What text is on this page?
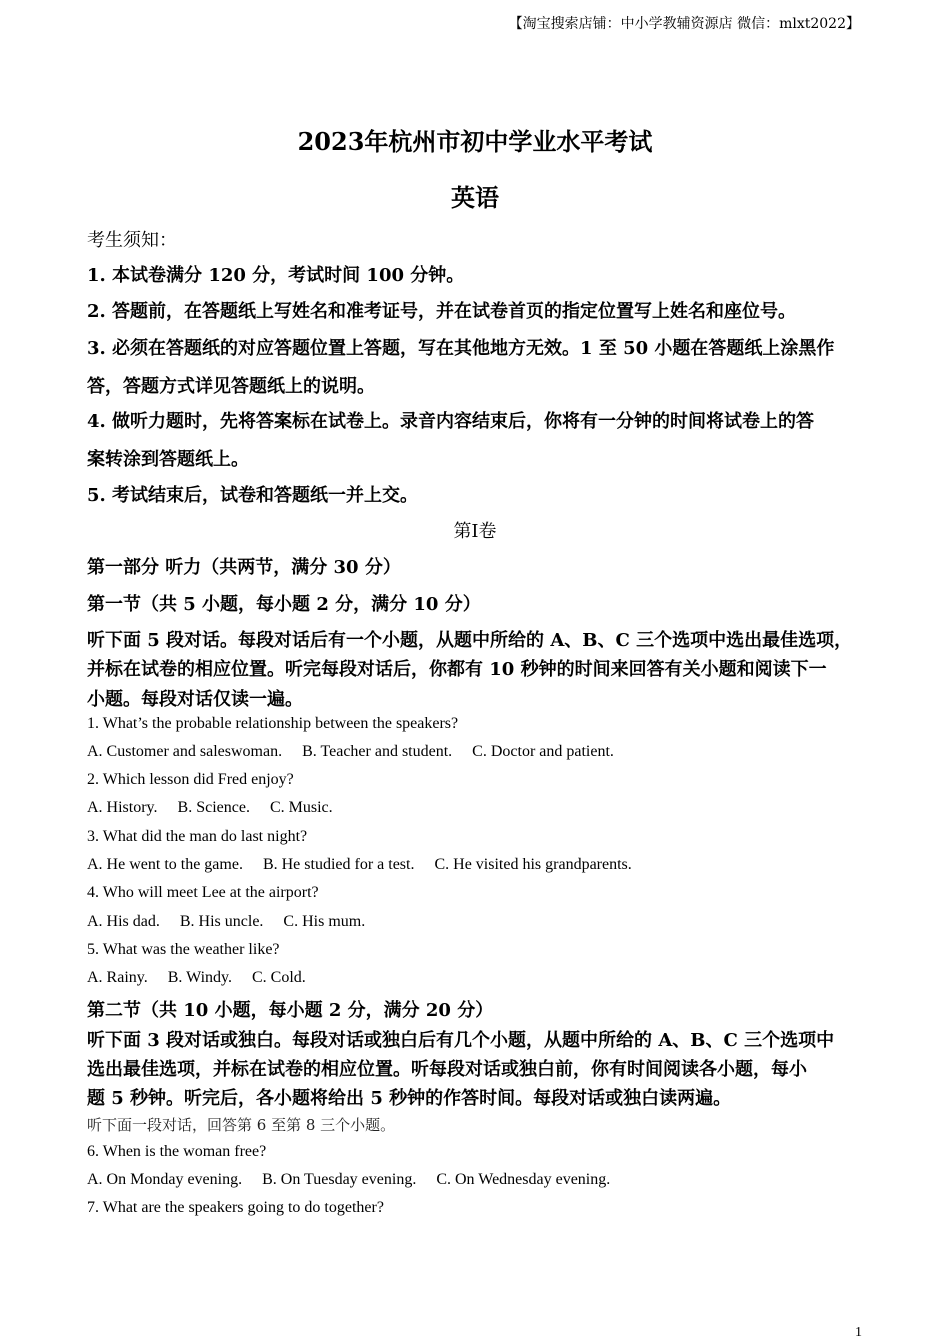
【淘宝搜索店铺：中小学教辅资源店 微信：mlxt2022】
2023年杭州市初中学业水平考试
英语
考生须知：
1. 本试卷满分 120 分，考试时间 100 分钟。
2. 答题前，在答题纸上写姓名和准考证号，并在试卷首页的指定位置写上姓名和座位号。
3. 必须在答题纸的对应答题位置上答题，写在其他地方无效。1 至 50 小题在答题纸上涂黑作
答，答题方式详见答题纸上的说明。
4. 做听力题时，先将答案标在试卷上。录音内容结束后，你将有一分钟的时间将试卷上的答
案转涂到答题纸上。
5. 考试结束后，试卷和答题纸一并上交。
第Ⅰ卷
第一部分 听力（共两节，满分 30 分）
第一节（共 5 小题，每小题 2 分，满分 10 分）
听下面 5 段对话。每段对话后有一个小题，从题中所给的 A、B、C 三个选项中选出最佳选项，
并标在试卷的相应位置。听完每段对话后，你都有 10 秒钟的时间来回答有关小题和阅读下一
小题。每段对话仅读一遍。
1. What’s the probable relationship between the speakers?
A. Customer and saleswoman.     B. Teacher and student.     C. Doctor and patient.
2. Which lesson did Fred enjoy?
A. History.     B. Science.     C. Music.
3. What did the man do last night?
A. He went to the game.     B. He studied for a test.     C. He visited his grandparents.
4. Who will meet Lee at the airport?
A. His dad.     B. His uncle.     C. His mum.
5. What was the weather like?
A. Rainy.     B. Windy.     C. Cold.
第二节（共 10 小题，每小题 2 分，满分 20 分）
听下面 3 段对话或独白。每段对话或独白后有几个小题，从题中所给的 A、B、C 三个选项中
选出最佳选项，并标在试卷的相应位置。听每段对话或独白前，你有时间阅读各小题，每小
题 5 秒钟。听完后，各小题将给出 5 秒钟的作答时间。每段对话或独白读两遍。
听下面一段对话，回答第 6 至第 8 三个小题。
6. When is the woman free?
A. On Monday evening.     B. On Tuesday evening.     C. On Wednesday evening.
7. What are the speakers going to do together?
1
